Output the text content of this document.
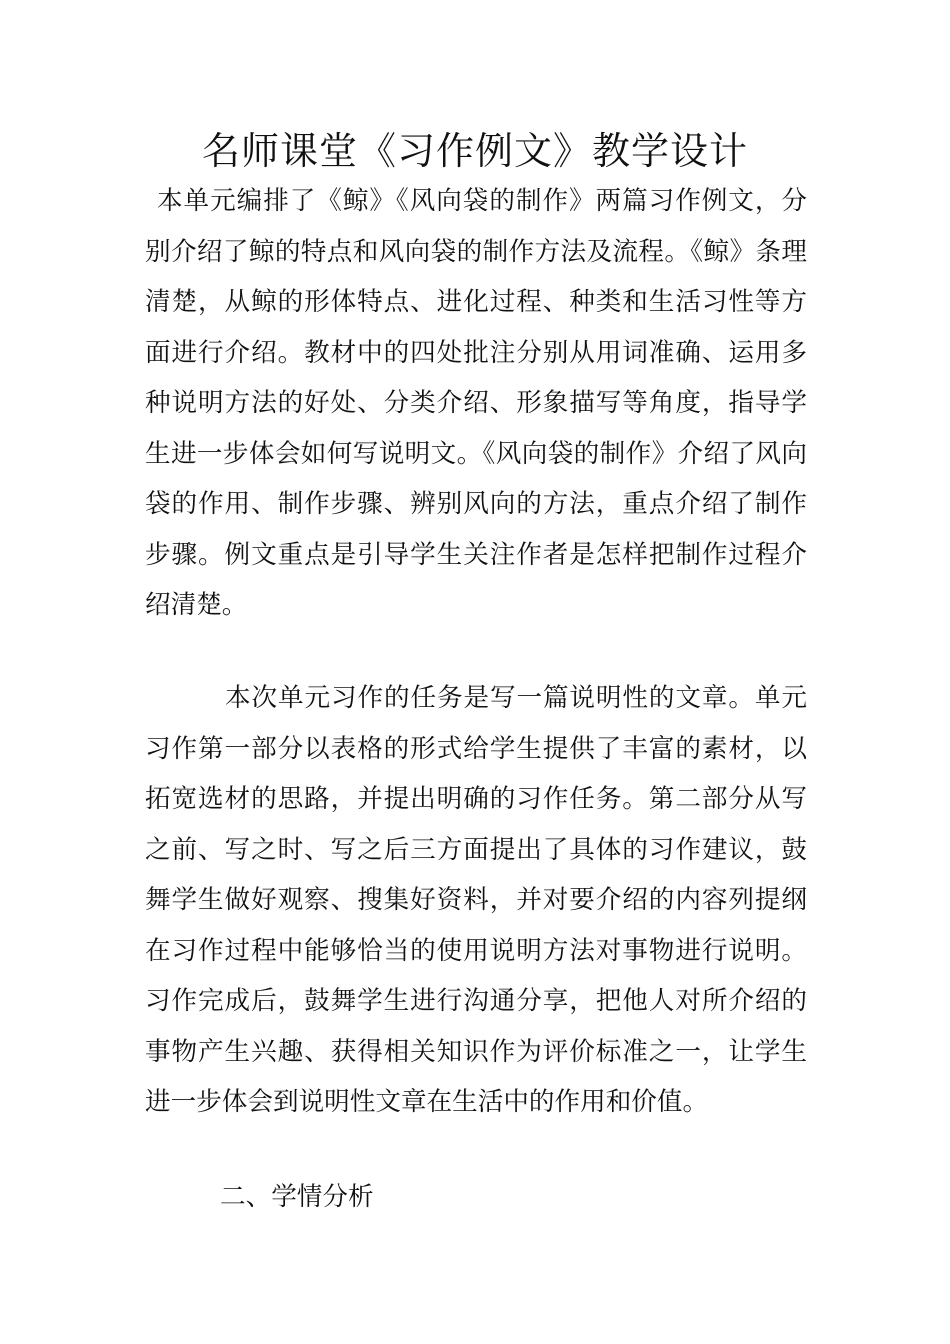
名师课堂《习作例文》教学设计

本单元编排了《鲸》《风向袋的制作》两篇习作例文，分别介绍了鲸的特点和风向袋的制作方法及流程。《鲸》条理清楚，从鲸的形体特点、进化过程、种类和生活习性等方面进行介绍。教材中的四处批注分别从用词准确、运用多种说明方法的好处、分类介绍、形象描写等角度，指导学生进一步体会如何写说明文。《风向袋的制作》介绍了风向袋的作用、制作步骤、辨别风向的方法，重点介绍了制作步骤。例文重点是引导学生关注作者是怎样把制作过程介绍清楚。

本次单元习作的任务是写一篇说明性的文章。单元习作第一部分以表格的形式给学生提供了丰富的素材，以拓宽选材的思路，并提出明确的习作任务。第二部分从写之前、写之时、写之后三方面提出了具体的习作建议，鼓舞学生做好观察、搜集好资料，并对要介绍的内容列提纲在习作过程中能够恰当的使用说明方法对事物进行说明。习作完成后，鼓舞学生进行沟通分享，把他人对所介绍的事物产生兴趣、获得相关知识作为评价标准之一，让学生进一步体会到说明性文章在生活中的作用和价值。

二、学情分析
